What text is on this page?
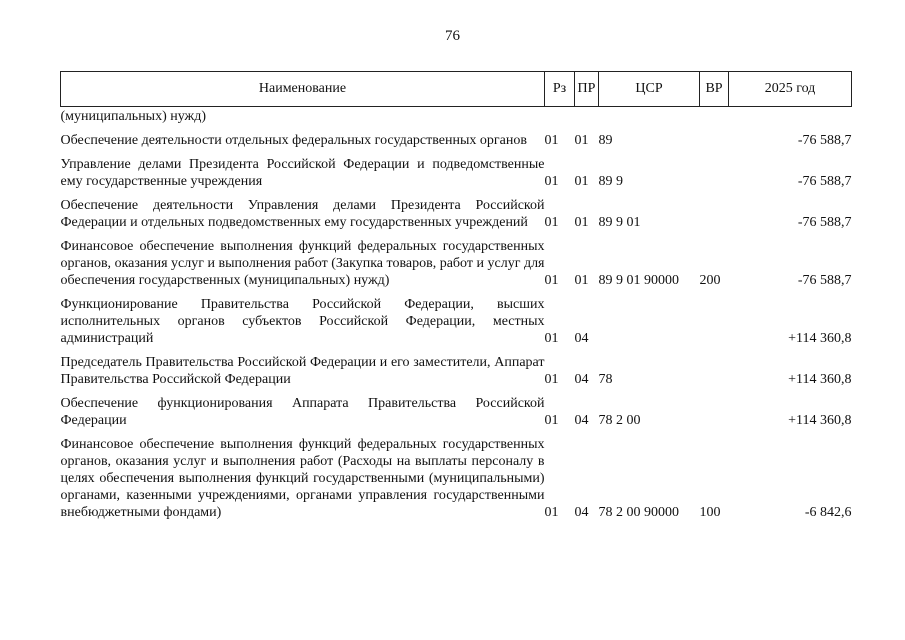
76
Наименование	Рз	ПР	ЦСР	ВР	2025 год
(муниципальных) нужд)					

Обеспечение деятельности отдельных федеральных государственных органов	01	01	89		-76 588,7

Управление делами Президента Российской Федерации и подведомственные ему государственные учреждения	01	01	89 9		-76 588,7

Обеспечение деятельности Управления делами Президента Российской Федерации и отдельных подведомственных ему государственных учреждений	01	01	89 9 01		-76 588,7

Финансовое обеспечение выполнения функций федеральных государственных органов, оказания услуг и выполнения работ (Закупка товаров, работ и услуг для обеспечения государственных (муниципальных) нужд)	01	01	89 9 01 90000	200	-76 588,7

Функционирование Правительства Российской Федерации, высших исполнительных органов субъектов Российской Федерации, местных администраций	01	04			+114 360,8

Председатель Правительства Российской Федерации и его заместители, Аппарат Правительства Российской Федерации	01	04	78		+114 360,8

Обеспечение функционирования Аппарата Правительства Российской Федерации	01	04	78 2 00		+114 360,8

Финансовое обеспечение выполнения функций федеральных государственных органов, оказания услуг и выполнения работ (Расходы на выплаты персоналу в целях обеспечения выполнения функций государственными (муниципальными) органами, казенными учреждениями, органами управления государственными внебюджетными фондами)	01	04	78 2 00 90000	100	-6 842,6
